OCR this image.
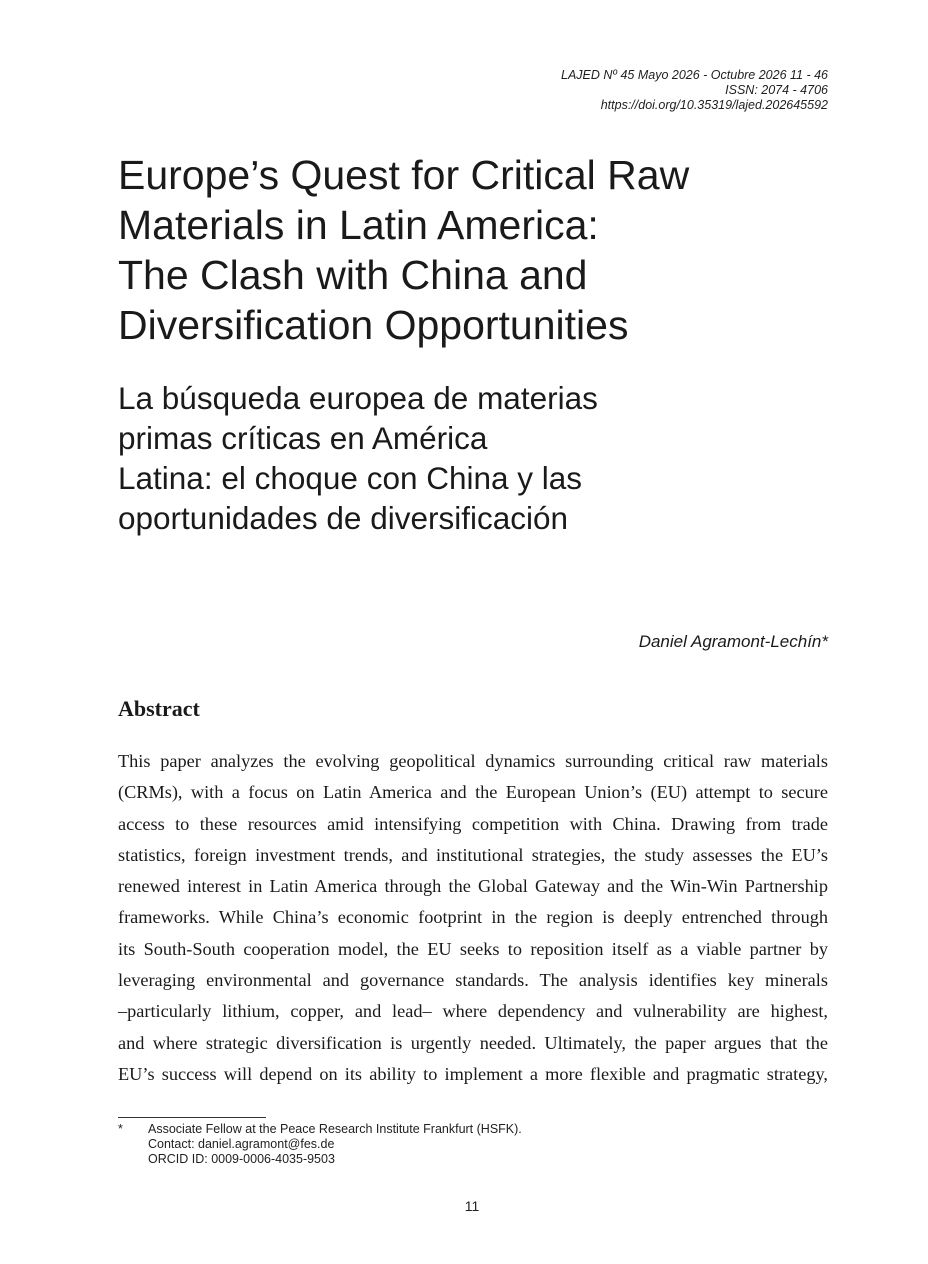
LAJED Nº 45 Mayo 2026 - Octubre 2026 11 - 46
ISSN: 2074 - 4706
https://doi.org/10.35319/lajed.202645592
Europe’s Quest for Critical Raw
Materials in Latin America:
The Clash with China and
Diversification Opportunities
La búsqueda europea de materias
primas críticas en América
Latina: el choque con China y las
oportunidades de diversificación
Daniel Agramont-Lechín*
Abstract
This paper analyzes the evolving geopolitical dynamics surrounding critical raw materials
(CRMs), with a focus on Latin America and the European Union’s (EU) attempt to secure
access to these resources amid intensifying competition with China. Drawing from trade
statistics, foreign investment trends, and institutional strategies, the study assesses the EU’s
renewed interest in Latin America through the Global Gateway and the Win-Win Partnership
frameworks. While China’s economic footprint in the region is deeply entrenched through
its South-South cooperation model, the EU seeks to reposition itself as a viable partner by
leveraging environmental and governance standards. The analysis identifies key minerals
–particularly lithium, copper, and lead– where dependency and vulnerability are highest,
and where strategic diversification is urgently needed. Ultimately, the paper argues that the
EU’s success will depend on its ability to implement a more flexible and pragmatic strategy,
* Associate Fellow at the Peace Research Institute Frankfurt (HSFK).
Contact: daniel.agramont@fes.de
ORCID ID: 0009-0006-4035-9503
11
